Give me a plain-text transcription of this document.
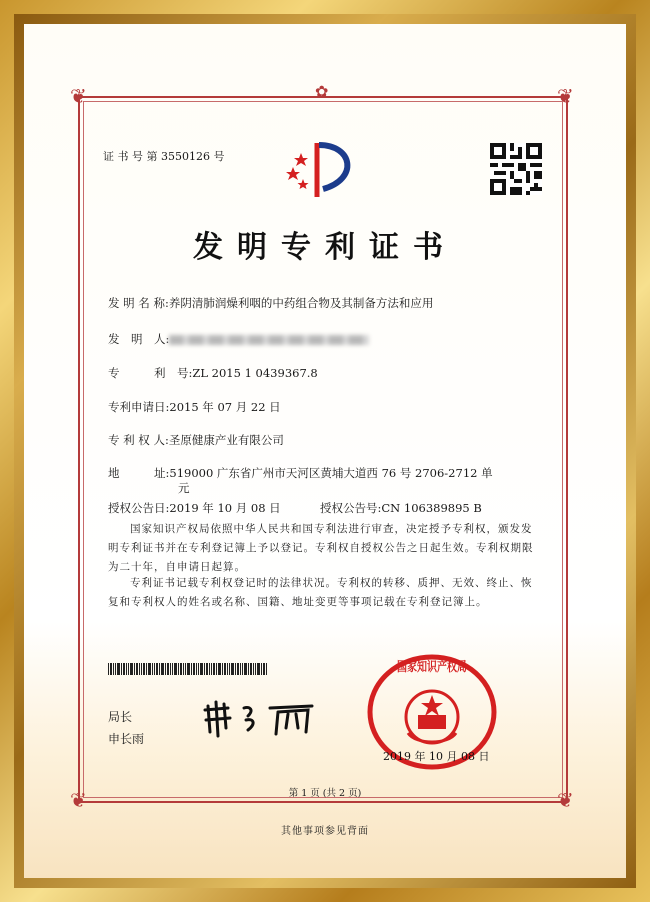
❦	❦
❦	❦
✿
证 书 号 第 3550126 号
发明专利证书
发 明 名 称:养阴清肺润燥利咽的中药组合物及其制备方法和应用
发　明　人:
专　　　利　号:ZL 2015 1 0439367.8
专利申请日:2015 年 07 月 22 日
专 利 权 人:圣原健康产业有限公司
地　　　址:519000 广东省广州市天河区黄埔大道西 76 号 2706-2712 单
元
授权公告日:2019 年 10 月 08 日	授权公告号:CN 106389895 B
国家知识产权局依照中华人民共和国专利法进行审查，决定授予专利权，颁发发明专利证书并在专利登记簿上予以登记。专利权自授权公告之日起生效。专利权期限为二十年，自申请日起算。
专利证书记载专利权登记时的法律状况。专利权的转移、质押、无效、终止、恢复和专利权人的姓名或名称、国籍、地址变更等事项记载在专利登记簿上。
局长
申长雨
国家知识产权局
2019 年 10 月 08 日
第 1 页 (共 2 页)
其他事项参见背面
